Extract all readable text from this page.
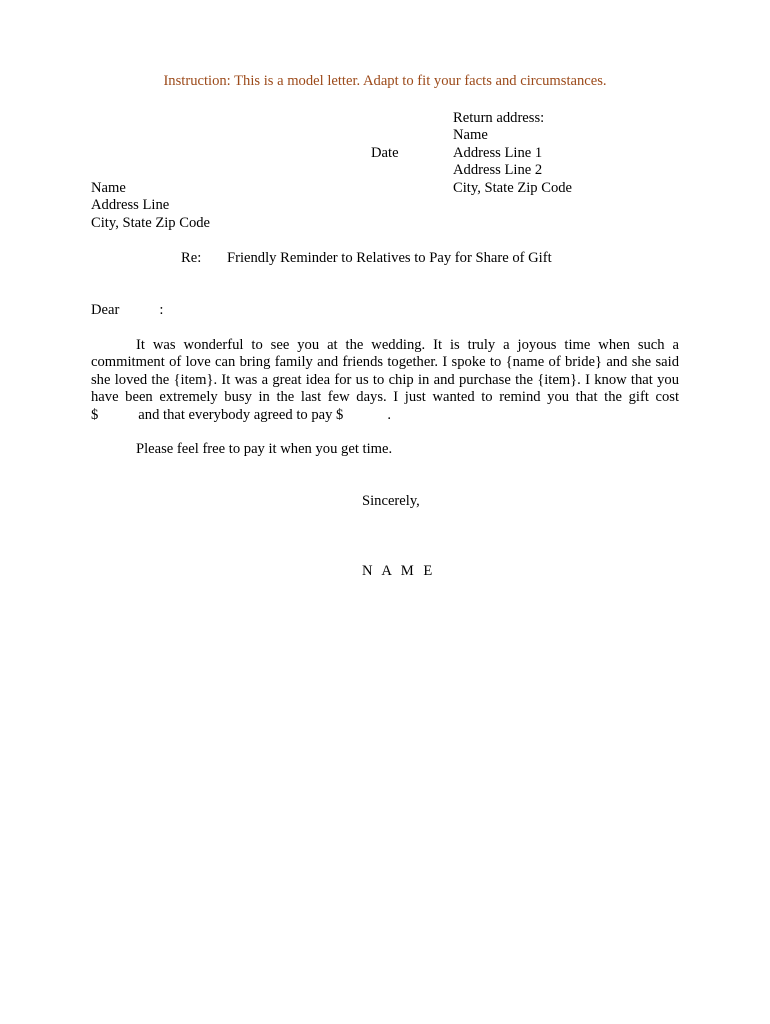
Instruction: This is a model letter. Adapt to fit your facts and circumstances.
Return address:
Name
Address Line 1
Address Line 2
City, State Zip Code
Date
Name
Address Line
City, State Zip Code
Re: Friendly Reminder to Relatives to Pay for Share of Gift
Dear	:
It was wonderful to see you at the wedding. It is truly a joyous time when such a
commitment of love can bring family and friends together. I spoke to {name of bride} and she said
she loved the {item}. It was a great idea for us to chip in and purchase the {item}. I know that you
have been extremely busy in the last few days. I just wanted to remind you that the gift cost
$	and that everybody agreed to pay $	.
Please feel free to pay it when you get time.
Sincerely,
N A M E
